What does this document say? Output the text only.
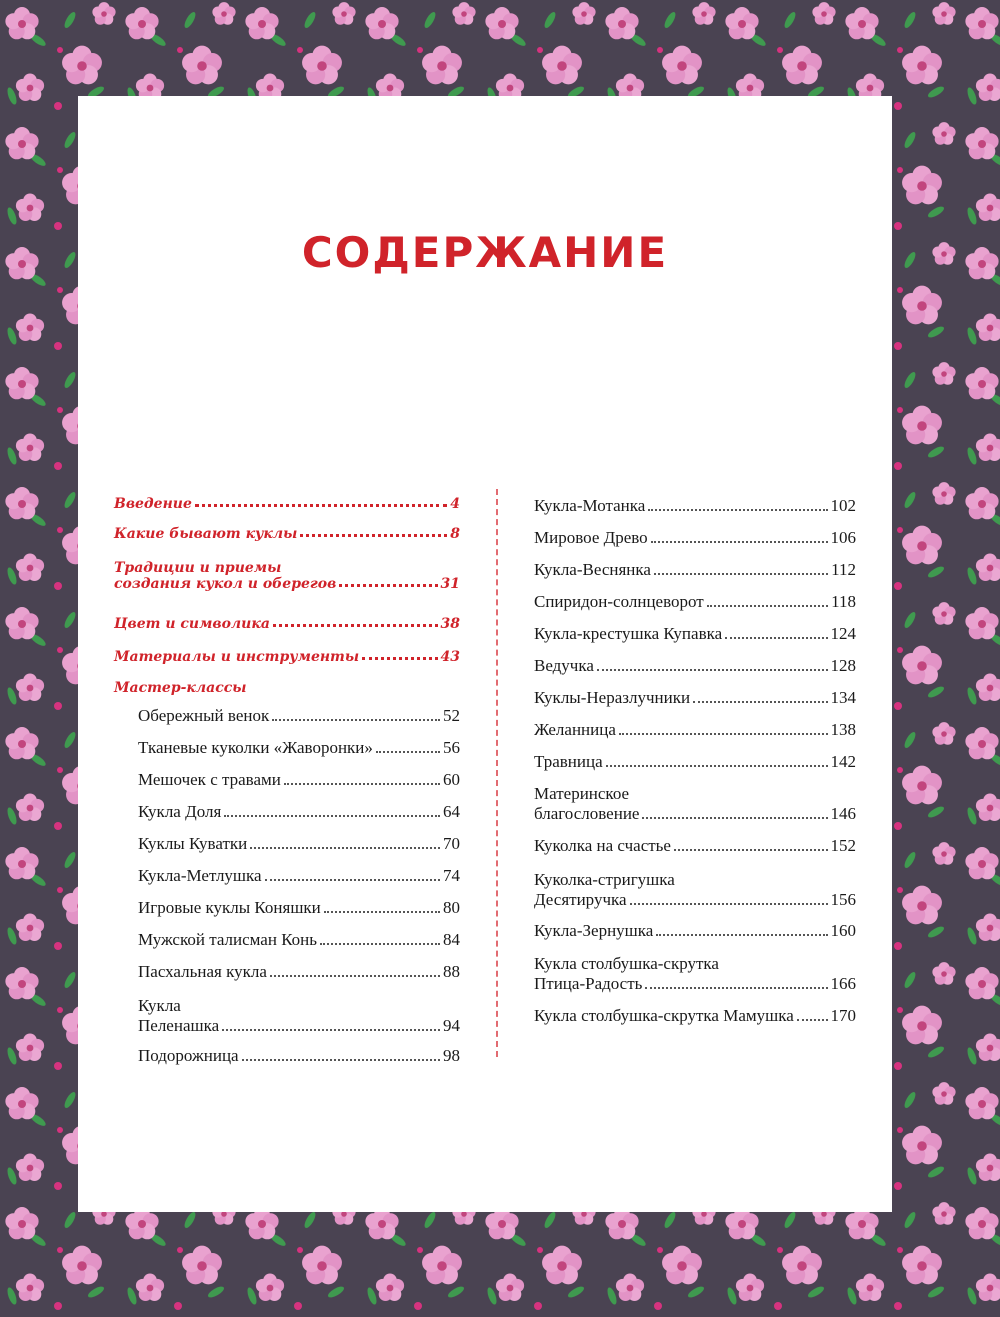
СОДЕРЖАНИЕ
Введение	4
Какие бывают куклы	8
Традиции и приемы
создания кукол и оберегов	31
Цвет и символика	38
Материалы и инструменты	43
Мастер-классы
Обережный венок	52
Тканевые куколки «Жаворонки»	56
Мешочек с травами	60
Кукла Доля	64
Куклы Куватки	70
Кукла-Метлушка	74
Игровые куклы Коняшки	80
Мужской талисман Конь	84
Пасхальная кукла	88
Кукла
Пеленашка	94
Подорожница	98
Кукла-Мотанка	102
Мировое Древо	106
Кукла-Веснянка	112
Спиридон-солнцеворот	118
Кукла-крестушка Купавка	124
Ведучка	128
Куклы-Неразлучники	134
Желанница	138
Травница	142
Материнское
благословение	146
Куколка на счастье	152
Куколка-стригушка
Десятиручка	156
Кукла-Зернушка	160
Кукла столбушка-скрутка
Птица-Радость	166
Кукла столбушка-скрутка Мамушка 170
